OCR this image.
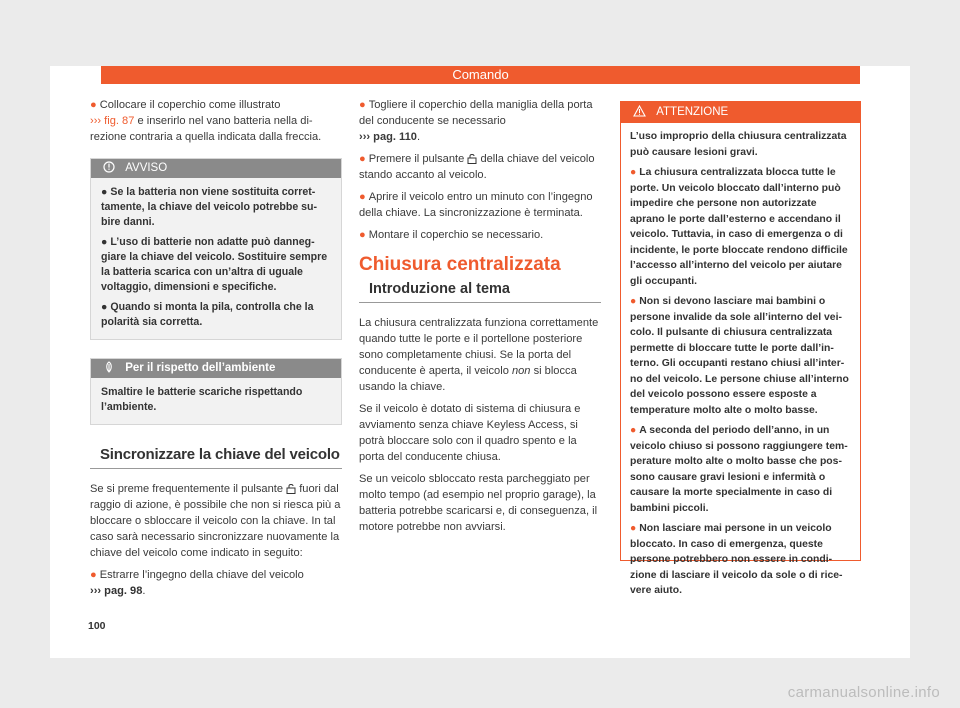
Comando

● Collocare il coperchio come illustrato
››› fig. 87 e inserirlo nel vano batteria nella direzione contraria a quella indicata dalla freccia.

AVVISO

● Se la batteria non viene sostituita correttamente, la chiave del veicolo potrebbe subire danni.

● L’uso di batterie non adatte può danneggiare la chiave del veicolo. Sostituire sempre la batteria scarica con un’altra di uguale voltaggio, dimensioni e specifiche.

● Quando si monta la pila, controlla che la polarità sia corretta.

Per il rispetto dell’ambiente
Smaltire le batterie scariche rispettando l’ambiente.
Sincronizzare la chiave del veicolo

Se si preme frequentemente il pulsante fuori dal raggio di azione, è possibile che non si riesca più a bloccare o sbloccare il veicolo con la chiave. In tal caso sarà necessario sincronizzare nuovamente la chiave del veicolo come indicato in seguito:

● Estrarre l’ingegno della chiave del veicolo
››› pag. 98.

● Togliere il coperchio della maniglia della porta del conducente se necessario
››› pag. 110.

● Premere il pulsante della chiave del veicolo stando accanto al veicolo.

● Aprire il veicolo entro un minuto con l’ingegno della chiave. La sincronizzazione è terminata.

● Montare il coperchio se necessario.

Chiusura centralizzata
Introduzione al tema

La chiusura centralizzata funziona correttamente quando tutte le porte e il portellone posteriore sono completamente chiusi. Se la porta del conducente è aperta, il veicolo non si blocca usando la chiave.

Se il veicolo è dotato di sistema di chiusura e avviamento senza chiave Keyless Access, si potrà bloccare solo con il quadro spento e la porta del conducente chiusa.

Se un veicolo sbloccato resta parcheggiato per molto tempo (ad esempio nel proprio garage), la batteria potrebbe scaricarsi e, di conseguenza, il motore potrebbe non avviarsi.

ATTENZIONE

L’uso improprio della chiusura centralizzata può causare lesioni gravi.

● La chiusura centralizzata blocca tutte le porte. Un veicolo bloccato dall’interno può impedire che persone non autorizzate aprano le porte dall’esterno e accendano il veicolo. Tuttavia, in caso di emergenza o di incidente, le porte bloccate rendono difficile l’accesso all’interno del veicolo per aiutare gli occupanti.

● Non si devono lasciare mai bambini o persone invalide da sole all’interno del veicolo. Il pulsante di chiusura centralizzata permette di bloccare tutte le porte dall’interno. Gli occupanti restano chiusi all’interno del veicolo. Le persone chiuse all’interno del veicolo possono essere esposte a temperature molto alte o molto basse.

● A seconda del periodo dell’anno, in un veicolo chiuso si possono raggiungere temperature molto alte o molto basse che possono causare gravi lesioni e infermità o causare la morte specialmente in caso di bambini piccoli.

● Non lasciare mai persone in un veicolo bloccato. In caso di emergenza, queste persone potrebbero non essere in condizione di lasciare il veicolo da sole o di ricevere aiuto.

100
carmanualsonline.info
